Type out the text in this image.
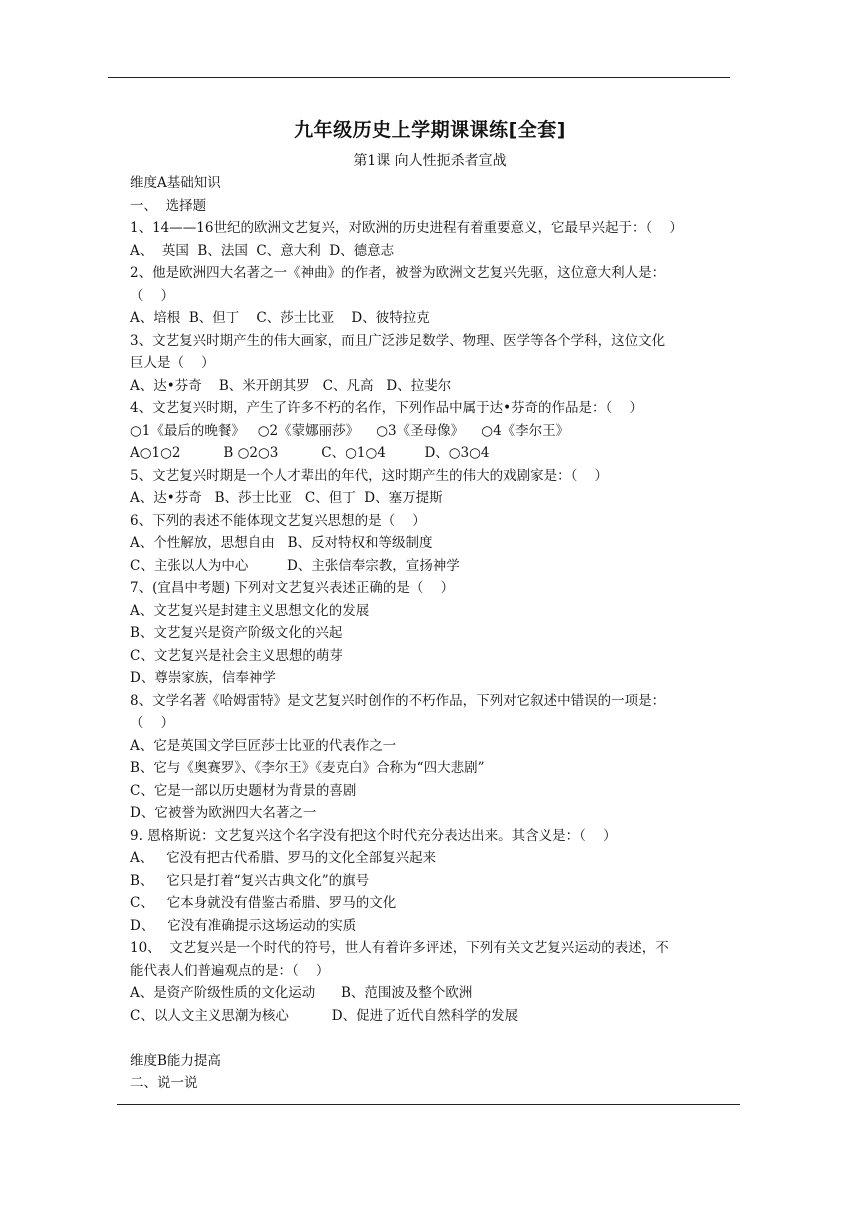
九年级历史上学期课课练[全套]
第1课 向人性扼杀者宣战
维度A基础知识
一、  选择题
1、14——16世纪的欧洲文艺复兴，对欧洲的历史进程有着重要意义，它最早兴起于：（    ）
A、  英国  B、法国  C、意大利  D、德意志
2、他是欧洲四大名著之一《神曲》的作者，被誉为欧洲文艺复兴先驱，这位意大利人是：
（    ）
A、培根  B、但丁    C、莎士比亚    D、彼特拉克
3、文艺复兴时期产生的伟大画家，而且广泛涉足数学、物理、医学等各个学科，这位文化
巨人是（    ）
A、达•芬奇    B、米开朗其罗   C、凡高   D、拉斐尔
4、文艺复兴时期，产生了许多不朽的名作，下列作品中属于达•芬奇的作品是：（    ）
○1《最后的晚餐》   ○2《蒙娜丽莎》    ○3《圣母像》    ○4《李尔王》
A○1○2          B ○2○3          C、○1○4         D、○3○4
5、文艺复兴时期是一个人才辈出的年代，这时期产生的伟大的戏剧家是：（    ）
A、达•芬奇   B、莎士比亚   C、但丁  D、塞万提斯
6、下列的表述不能体现文艺复兴思想的是（    ）
A、个性解放，思想自由   B、反对特权和等级制度
C、主张以人为中心         D、主张信奉宗教，宣扬神学
7、(宜昌中考题) 下列对文艺复兴表述正确的是（    ）
A、文艺复兴是封建主义思想文化的发展
B、文艺复兴是资产阶级文化的兴起
C、文艺复兴是社会主义思想的萌芽
D、尊崇家族，信奉神学
8、文学名著《哈姆雷特》是文艺复兴时创作的不朽作品，下列对它叙述中错误的一项是：
（    ）
A、它是英国文学巨匠莎士比亚的代表作之一
B、它与《奥赛罗》、《李尔王》《麦克白》合称为“四大悲剧”
C、它是一部以历史题材为背景的喜剧
D、它被誉为欧洲四大名著之一
9. 恩格斯说：文艺复兴这个名字没有把这个时代充分表达出来。其含义是：（    ）
A、   它没有把古代希腊、罗马的文化全部复兴起来
B、   它只是打着“复兴古典文化”的旗号
C、   它本身就没有借鉴古希腊、罗马的文化
D、   它没有准确提示这场运动的实质
10、  文艺复兴是一个时代的符号，世人有着许多评述，下列有关文艺复兴运动的表述，不
能代表人们普遍观点的是：（    ）
A、是资产阶级性质的文化运动      B、范围波及整个欧洲
C、以人文主义思潮为核心          D、促进了近代自然科学的发展
维度B能力提高
二、说一说
